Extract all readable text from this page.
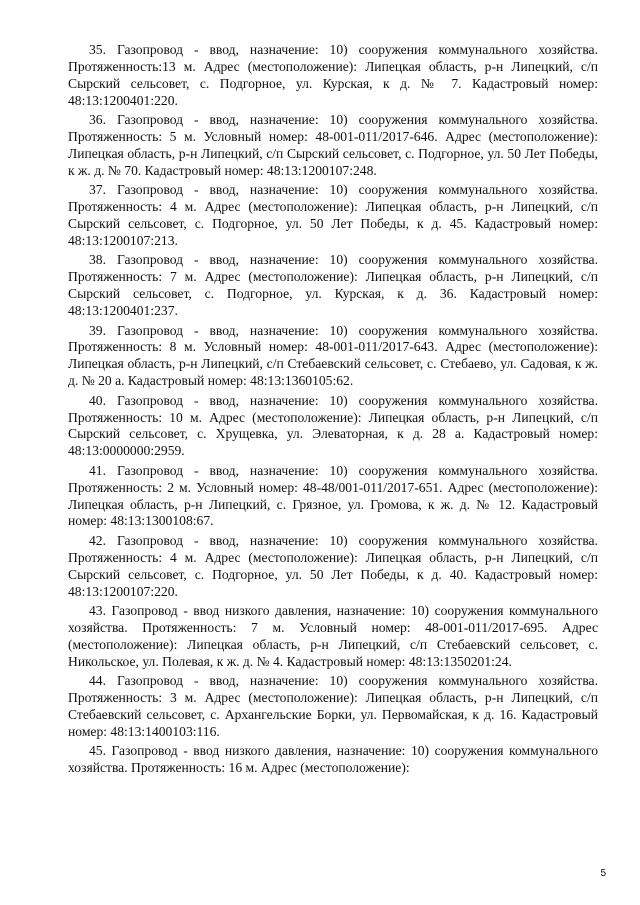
35. Газопровод - ввод, назначение: 10) сооружения коммунального хозяйства. Протяженность:13 м. Адрес (местоположение): Липецкая область, р-н Липецкий, с/п Сырский сельсовет, с. Подгорное, ул. Курская, к д. № 7. Кадастровый номер: 48:13:1200401:220.

36. Газопровод - ввод, назначение: 10) сооружения коммунального хозяйства. Протяженность: 5 м. Условный номер: 48-001-011/2017-646. Адрес (местоположение): Липецкая область, р-н Липецкий, с/п Сырский сельсовет, с. Подгорное, ул. 50 Лет Победы, к ж. д. № 70. Кадастровый номер: 48:13:1200107:248.

37. Газопровод - ввод, назначение: 10) сооружения коммунального хозяйства. Протяженность: 4 м. Адрес (местоположение): Липецкая область, р-н Липецкий, с/п Сырский сельсовет, с. Подгорное, ул. 50 Лет Победы, к д. 45. Кадастровый номер: 48:13:1200107:213.

38. Газопровод - ввод, назначение: 10) сооружения коммунального хозяйства. Протяженность: 7 м. Адрес (местоположение): Липецкая область, р-н Липецкий, с/п Сырский сельсовет, с. Подгорное, ул. Курская, к д. 36. Кадастровый номер: 48:13:1200401:237.

39. Газопровод - ввод, назначение: 10) сооружения коммунального хозяйства. Протяженность: 8 м. Условный номер: 48-001-011/2017-643. Адрес (местоположение): Липецкая область, р-н Липецкий, с/п Стебаевский сельсовет, с. Стебаево, ул. Садовая, к ж. д. № 20 а. Кадастровый номер: 48:13:1360105:62.

40. Газопровод - ввод, назначение: 10) сооружения коммунального хозяйства. Протяженность: 10 м. Адрес (местоположение): Липецкая область, р-н Липецкий, с/п Сырский сельсовет, с. Хрущевка, ул. Элеваторная, к д. 28 а. Кадастровый номер: 48:13:0000000:2959.

41. Газопровод - ввод, назначение: 10) сооружения коммунального хозяйства. Протяженность: 2 м. Условный номер: 48-48/001-011/2017-651. Адрес (местоположение): Липецкая область, р-н Липецкий, с. Грязное, ул. Громова, к ж. д. № 12. Кадастровый номер: 48:13:1300108:67.

42. Газопровод - ввод, назначение: 10) сооружения коммунального хозяйства. Протяженность: 4 м. Адрес (местоположение): Липецкая область, р-н Липецкий, с/п Сырский сельсовет, с. Подгорное, ул. 50 Лет Победы, к д. 40. Кадастровый номер: 48:13:1200107:220.

43. Газопровод - ввод низкого давления, назначение: 10) сооружения коммунального хозяйства. Протяженность: 7 м. Условный номер: 48-001-011/2017-695. Адрес (местоположение): Липецкая область, р-н Липецкий, с/п Стебаевский сельсовет, с. Никольское, ул. Полевая, к ж. д. № 4. Кадастровый номер: 48:13:1350201:24.

44. Газопровод - ввод, назначение: 10) сооружения коммунального хозяйства. Протяженность: 3 м. Адрес (местоположение): Липецкая область, р-н Липецкий, с/п Стебаевский сельсовет, с. Архангельские Борки, ул. Первомайская, к д. 16. Кадастровый номер: 48:13:1400103:116.

45. Газопровод - ввод низкого давления, назначение: 10) сооружения коммунального хозяйства. Протяженность: 16 м. Адрес (местоположение):

5
